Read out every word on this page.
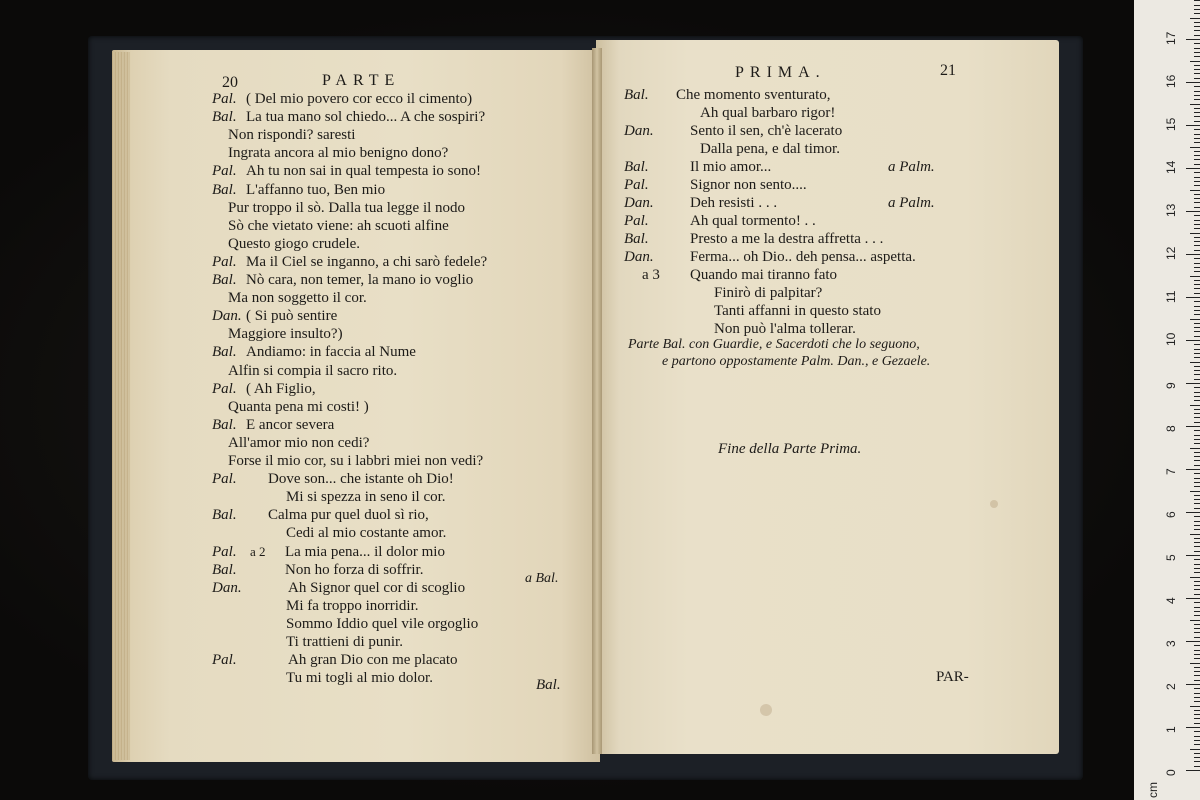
20	PARTE
Pal. ( Del mio povero cor ecco il cimento)
Bal. La tua mano sol chiedo... A che sospiri?
Non rispondi? saresti
Ingrata ancora al mio benigno dono?
Pal. Ah tu non sai in qual tempesta io sono!
Bal. L'affanno tuo, Ben mio
Pur troppo il sò. Dalla tua legge il nodo
Sò che vietato viene: ah scuoti alfine
Questo giogo crudele.
Pal. Ma il Ciel se inganno, a chi sarò fedele?
Bal. Nò cara, non temer, la mano io voglio
Ma non soggetto il cor.
Dan. ( Si può sentire
Maggiore insulto?)
Bal. Andiamo: in faccia al Nume
Alfin si compia il sacro rito.
Pal. ( Ah Figlio,
Quanta pena mi costi! )
Bal. E ancor severa
All'amor mio non cedi?
Forse il mio cor, su i labbri miei non vedi?
Pal. Dove son... che istante oh Dio!
Mi si spezza in seno il cor.
Bal. Calma pur quel duol sì rio,
Cedi al mio costante amor.
Pal.	La mia pena... il dolor mio
Bal.	Non ho forza di soffrir.
Dan.	Ah Signor quel cor di scoglio
Mi fa troppo inorridir.
Sommo Iddio quel vile orgoglio
Ti trattieni di punir.
Pal.	Ah gran Dio con me placato
Tu mi togli al mio dolor.
a 2
a Bal.
Bal.
PRIMA.	21
Bal. Che momento sventurato,
Ah qual barbaro rigor!
Dan. Sento il sen, ch'è lacerato
Dalla pena, e dal timor.
Bal.	Il mio amor...	a Palm.
Pal.	Signor non sento....
Dan. Deh resisti . . .	a Palm.
Pal.	Ah qual tormento! . .
Bal.	Presto a me la destra affretta . . .
Dan. Ferma... oh Dio.. deh pensa... aspetta.
a 3 Quando mai tiranno fato
Finirò di palpitar?
Tanti affanni in questo stato
Non può l'alma tollerar.
Parte Bal. con Guardie, e Sacerdoti che lo seguono,
e partono oppostamente Palm. Dan., e Gezaele.
Fine della Parte Prima.
PAR-
0
1
2
3
4
5
6
7
8
9
10
11
12
13
14
15
16
17
cm
